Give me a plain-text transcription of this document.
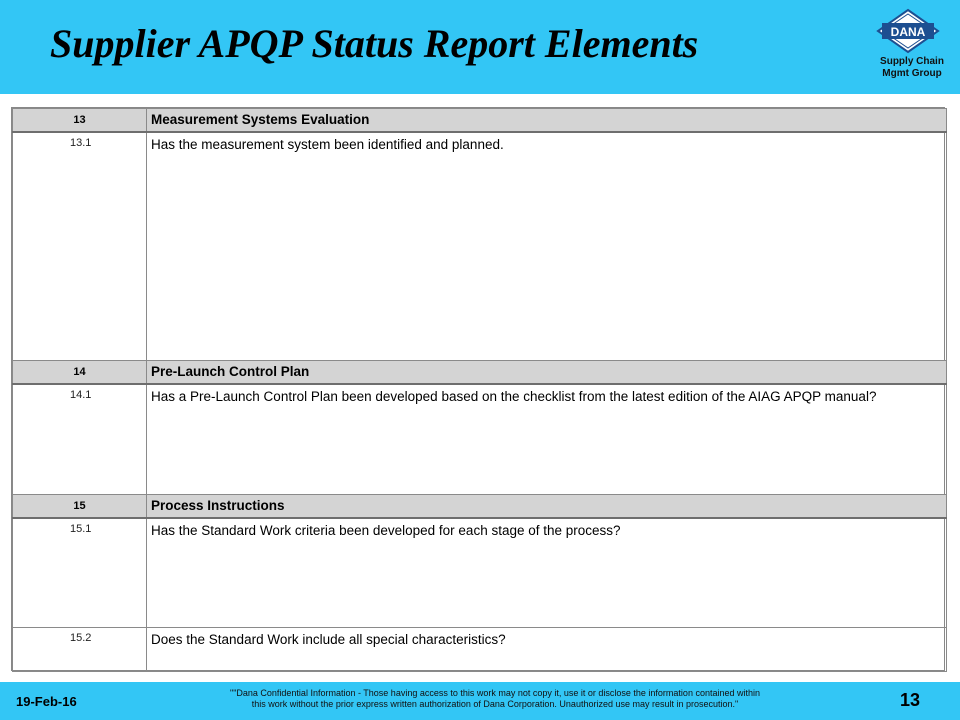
Supplier APQP Status Report Elements	DANA
Supply Chain
Mgmt Group
13	Measurement Systems Evaluation
13.1	Has the measurement system been identified and planned.
14	Pre-Launch Control Plan
14.1	Has a Pre-Launch Control Plan been developed based on the checklist from the latest edition of the AIAG APQP manual?
15	Process Instructions
15.1	Has the Standard Work criteria been developed for each stage of the process?
15.2	Does the Standard Work include all special characteristics?
19-Feb-16
""Dana Confidential Information - Those having access to this work may not copy it, use it or disclose the information contained within
this work without the prior express written authorization of Dana Corporation. Unauthorized use may result in prosecution."	13
